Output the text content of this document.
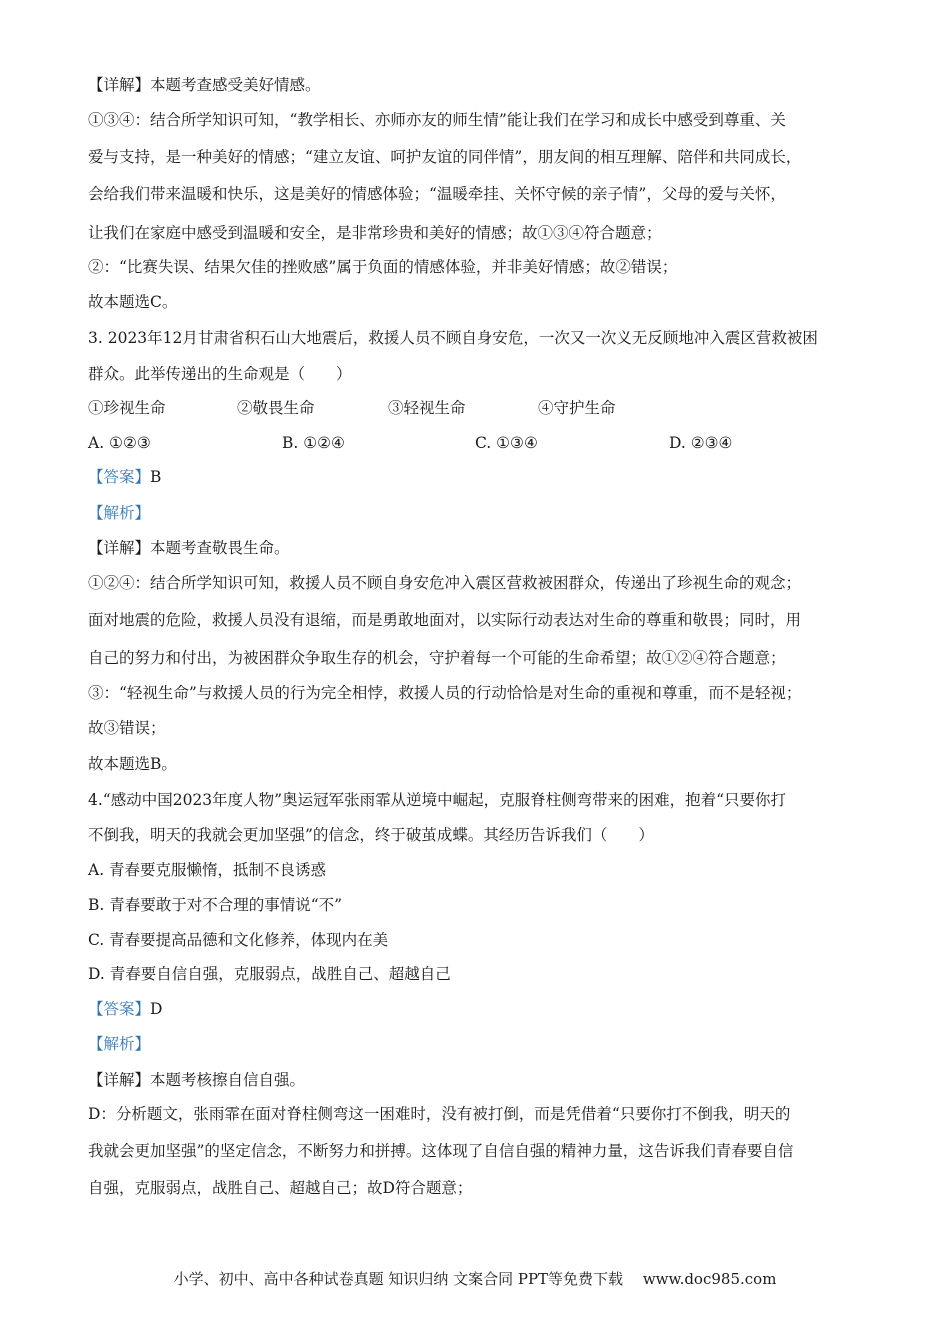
【详解】本题考查感受美好情感。
①③④：结合所学知识可知，“教学相长、亦师亦友的师生情”能让我们在学习和成长中感受到尊重、关
爱与支持，是一种美好的情感；“建立友谊、呵护友谊的同伴情”，朋友间的相互理解、陪伴和共同成长，
会给我们带来温暖和快乐，这是美好的情感体验；“温暖牵挂、关怀守候的亲子情”，父母的爱与关怀，
让我们在家庭中感受到温暖和安全，是非常珍贵和美好的情感；故①③④符合题意；
②：“比赛失误、结果欠佳的挫败感”属于负面的情感体验，并非美好情感；故②错误；
故本题选C。
3. 2023年12月甘肃省积石山大地震后，救援人员不顾自身安危，一次又一次义无反顾地冲入震区营救被困
群众。此举传递出的生命观是（　　）
①珍视生命	②敬畏生命	③轻视生命	④守护生命
A. ①②③	B. ①②④	C. ①③④	D. ②③④
【答案】B
【解析】
【详解】本题考查敬畏生命。
①②④：结合所学知识可知，救援人员不顾自身安危冲入震区营救被困群众，传递出了珍视生命的观念；
面对地震的危险，救援人员没有退缩，而是勇敢地面对，以实际行动表达对生命的尊重和敬畏；同时，用
自己的努力和付出，为被困群众争取生存的机会，守护着每一个可能的生命希望；故①②④符合题意；
③：“轻视生命”与救援人员的行为完全相悖，救援人员的行动恰恰是对生命的重视和尊重，而不是轻视；
故③错误；
故本题选B。
4.“感动中国2023年度人物”奥运冠军张雨霏从逆境中崛起，克服脊柱侧弯带来的困难，抱着“只要你打
不倒我，明天的我就会更加坚强”的信念，终于破茧成蝶。其经历告诉我们（　　）
A. 青春要克服懒惰，抵制不良诱惑
B. 青春要敢于对不合理的事情说“不”
C. 青春要提高品德和文化修养，体现内在美
D. 青春要自信自强，克服弱点，战胜自己、超越自己
【答案】D
【解析】
【详解】本题考核擦自信自强。
D：分析题文，张雨霏在面对脊柱侧弯这一困难时，没有被打倒，而是凭借着“只要你打不倒我，明天的
我就会更加坚强”的坚定信念，不断努力和拼搏。这体现了自信自强的精神力量，这告诉我们青春要自信
自强，克服弱点，战胜自己、超越自己；故D符合题意；
小学、初中、高中各种试卷真题 知识归纳 文案合同 PPT等免费下载　 www.doc985.com
